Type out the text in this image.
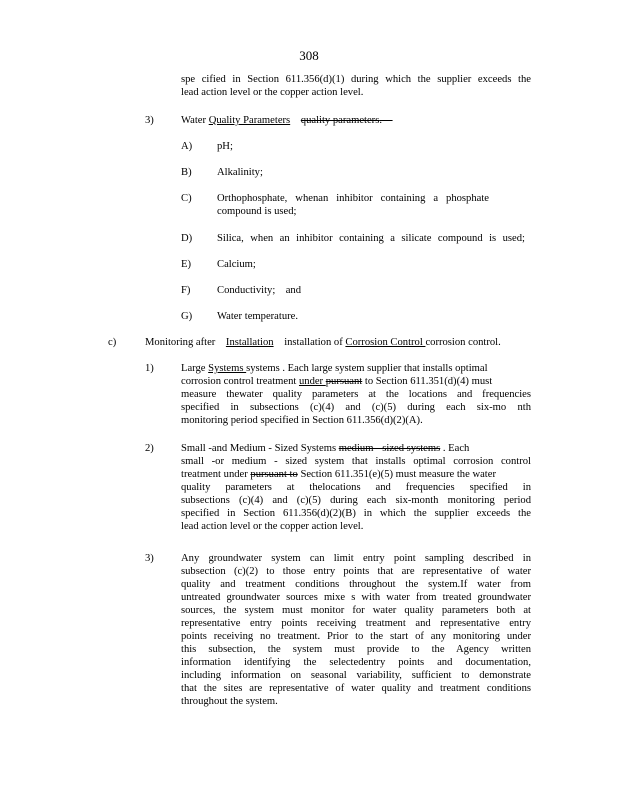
308
spe cified in Section 611.356(d)(1) during which the supplier exceeds the
lead action level or the copper action level.
3)	Water Quality Parameters quality parameters.
A) pH;
B) Alkalinity;
C) Orthophosphate, whenan inhibitor containing a phosphate
compound is used;
D) Silica, when an inhibitor containing a silicate compound is used;
E) Calcium;
F)	Conductivity; and
G) Water temperature.
c)	Monitoring after    Installation    installation of Corrosion Control corrosion control.
1)	Large Systems systems . Each large system supplier that installs optimal
corrosion control treatment under pursuant to Section 611.351(d)(4) must
measure thewater quality parameters at the locations and frequencies
specified in subsections (c)(4) and (c)(5) during each six-mo nth
monitoring period specified in Section 611.356(d)(2)(A).
2)	Small -and Medium - Sized Systems medium - sized systems . Each
small -or medium - sized system that installs optimal corrosion control
treatment under pursuant to Section 611.351(e)(5) must measure the water
quality parameters at thelocations and frequencies specified in
subsections (c)(4) and (c)(5) during each six-month monitoring period
specified in Section 611.356(d)(2)(B) in which the supplier exceeds the
lead action level or the copper action level.
3)	Any groundwater system can limit entry point sampling described in
subsection (c)(2) to those entry points that are representative of water
quality and treatment conditions throughout the system.If water from
untreated groundwater sources mixe s with water from treated groundwater
sources, the system must monitor for water quality parameters both at
representative entry points receiving treatment and representative entry
points receiving no treatment. Prior to the start of any monitoring under
this subsection, the system must provide to the Agency written
information identifying the selectedentry points and documentation,
including information on seasonal variability, sufficient to demonstrate
that the sites are representative of water quality and treatment conditions
throughout the system.
